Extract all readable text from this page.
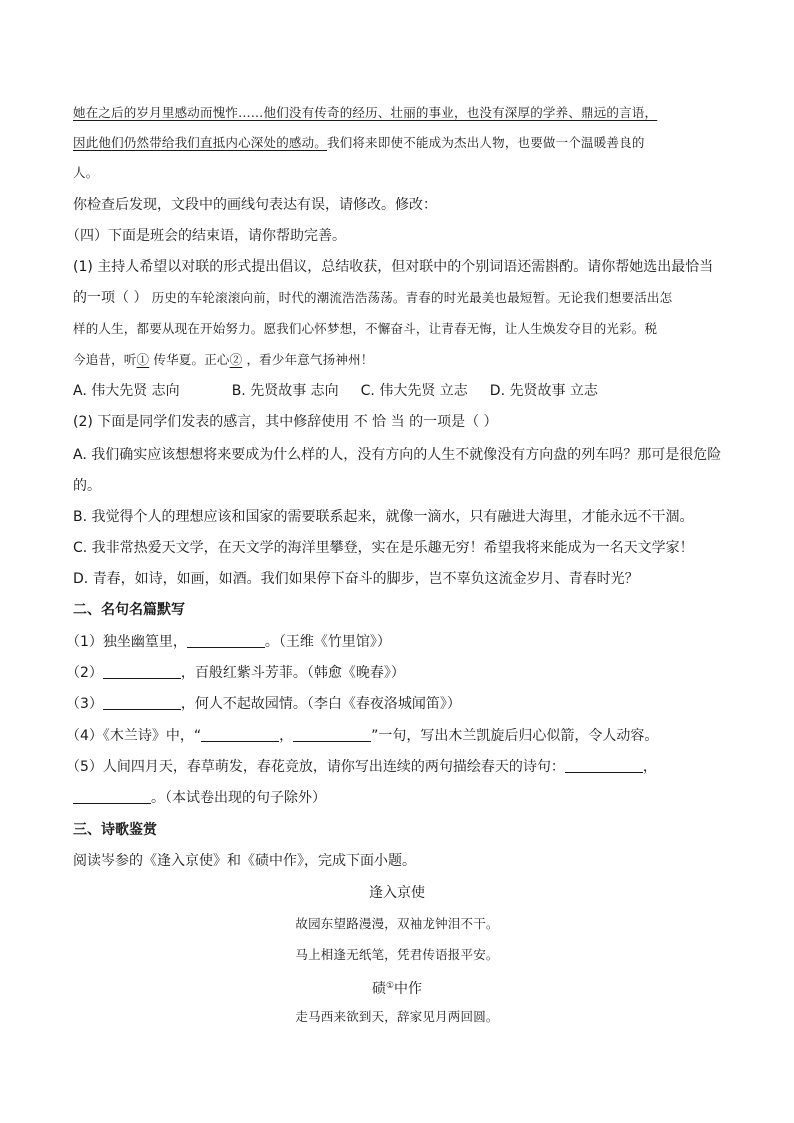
她在之后的岁月里感动而愧怍……他们没有传奇的经历、壮丽的事业，也没有深厚的学养、鼎远的言语，
因此他们仍然带给我们直抵内心深处的感动。我们将来即使不能成为杰出人物，也要做一个温暖善良的
人。
你检查后发现，文段中的画线句表达有误，请修改。修改：
（四）下面是班会的结束语，请你帮助完善。
(1) 主持人希望以对联的形式提出倡议，总结收获，但对联中的个别词语还需斟酌。请你帮她选出最恰当
的一项（ ） 历史的车轮滚滚向前，时代的潮流浩浩荡荡。青春的时光最美也最短暂。无论我们想要活出怎
样的人生，都要从现在开始努力。愿我们心怀梦想，不懈奋斗，让青春无悔，让人生焕发夺目的光彩。税
今追昔，听① 传华夏。正心② ，看少年意气扬神州！
A. 伟大先贤 志向	B. 先贤故事 志向 C. 伟大先贤 立志 D. 先贤故事 立志
(2) 下面是同学们发表的感言，其中修辞使用 不 恰 当 的一项是（ ）
A. 我们确实应该想想将来要成为什么样的人，没有方向的人生不就像没有方向盘的列车吗？那可是很危险
的。
B. 我觉得个人的理想应该和国家的需要联系起来，就像一滴水，只有融进大海里，才能永远不干涸。
C. 我非常热爱天文学，在天文学的海洋里攀登，实在是乐趣无穷！希望我将来能成为一名天文学家！
D. 青春，如诗，如画，如酒。我们如果停下奋斗的脚步，岂不辜负这流金岁月、青春时光？
二、名句名篇默写
（1）独坐幽篁里，	。（王维《竹里馆》）
（2）	，百般红紫斗芳菲。（韩愈《晚春》）
（3）	，何人不起故园情。（李白《春夜洛城闻笛》）
（4）《木兰诗》中，“	，	”一句，写出木兰凯旋后归心似箭，令人动容。
（5）人间四月天，春草萌发，春花竞放，请你写出连续的两句描绘春天的诗句：	，
。（本试卷出现的句子除外）
三、诗歌鉴赏
阅读岑参的《逢入京使》和《碛中作》，完成下面小题。
逢入京使
故园东望路漫漫，双袖龙钟泪不干。
马上相逢无纸笔，凭君传语报平安。
碛①中作
走马西来欲到天，辞家见月两回圆。
